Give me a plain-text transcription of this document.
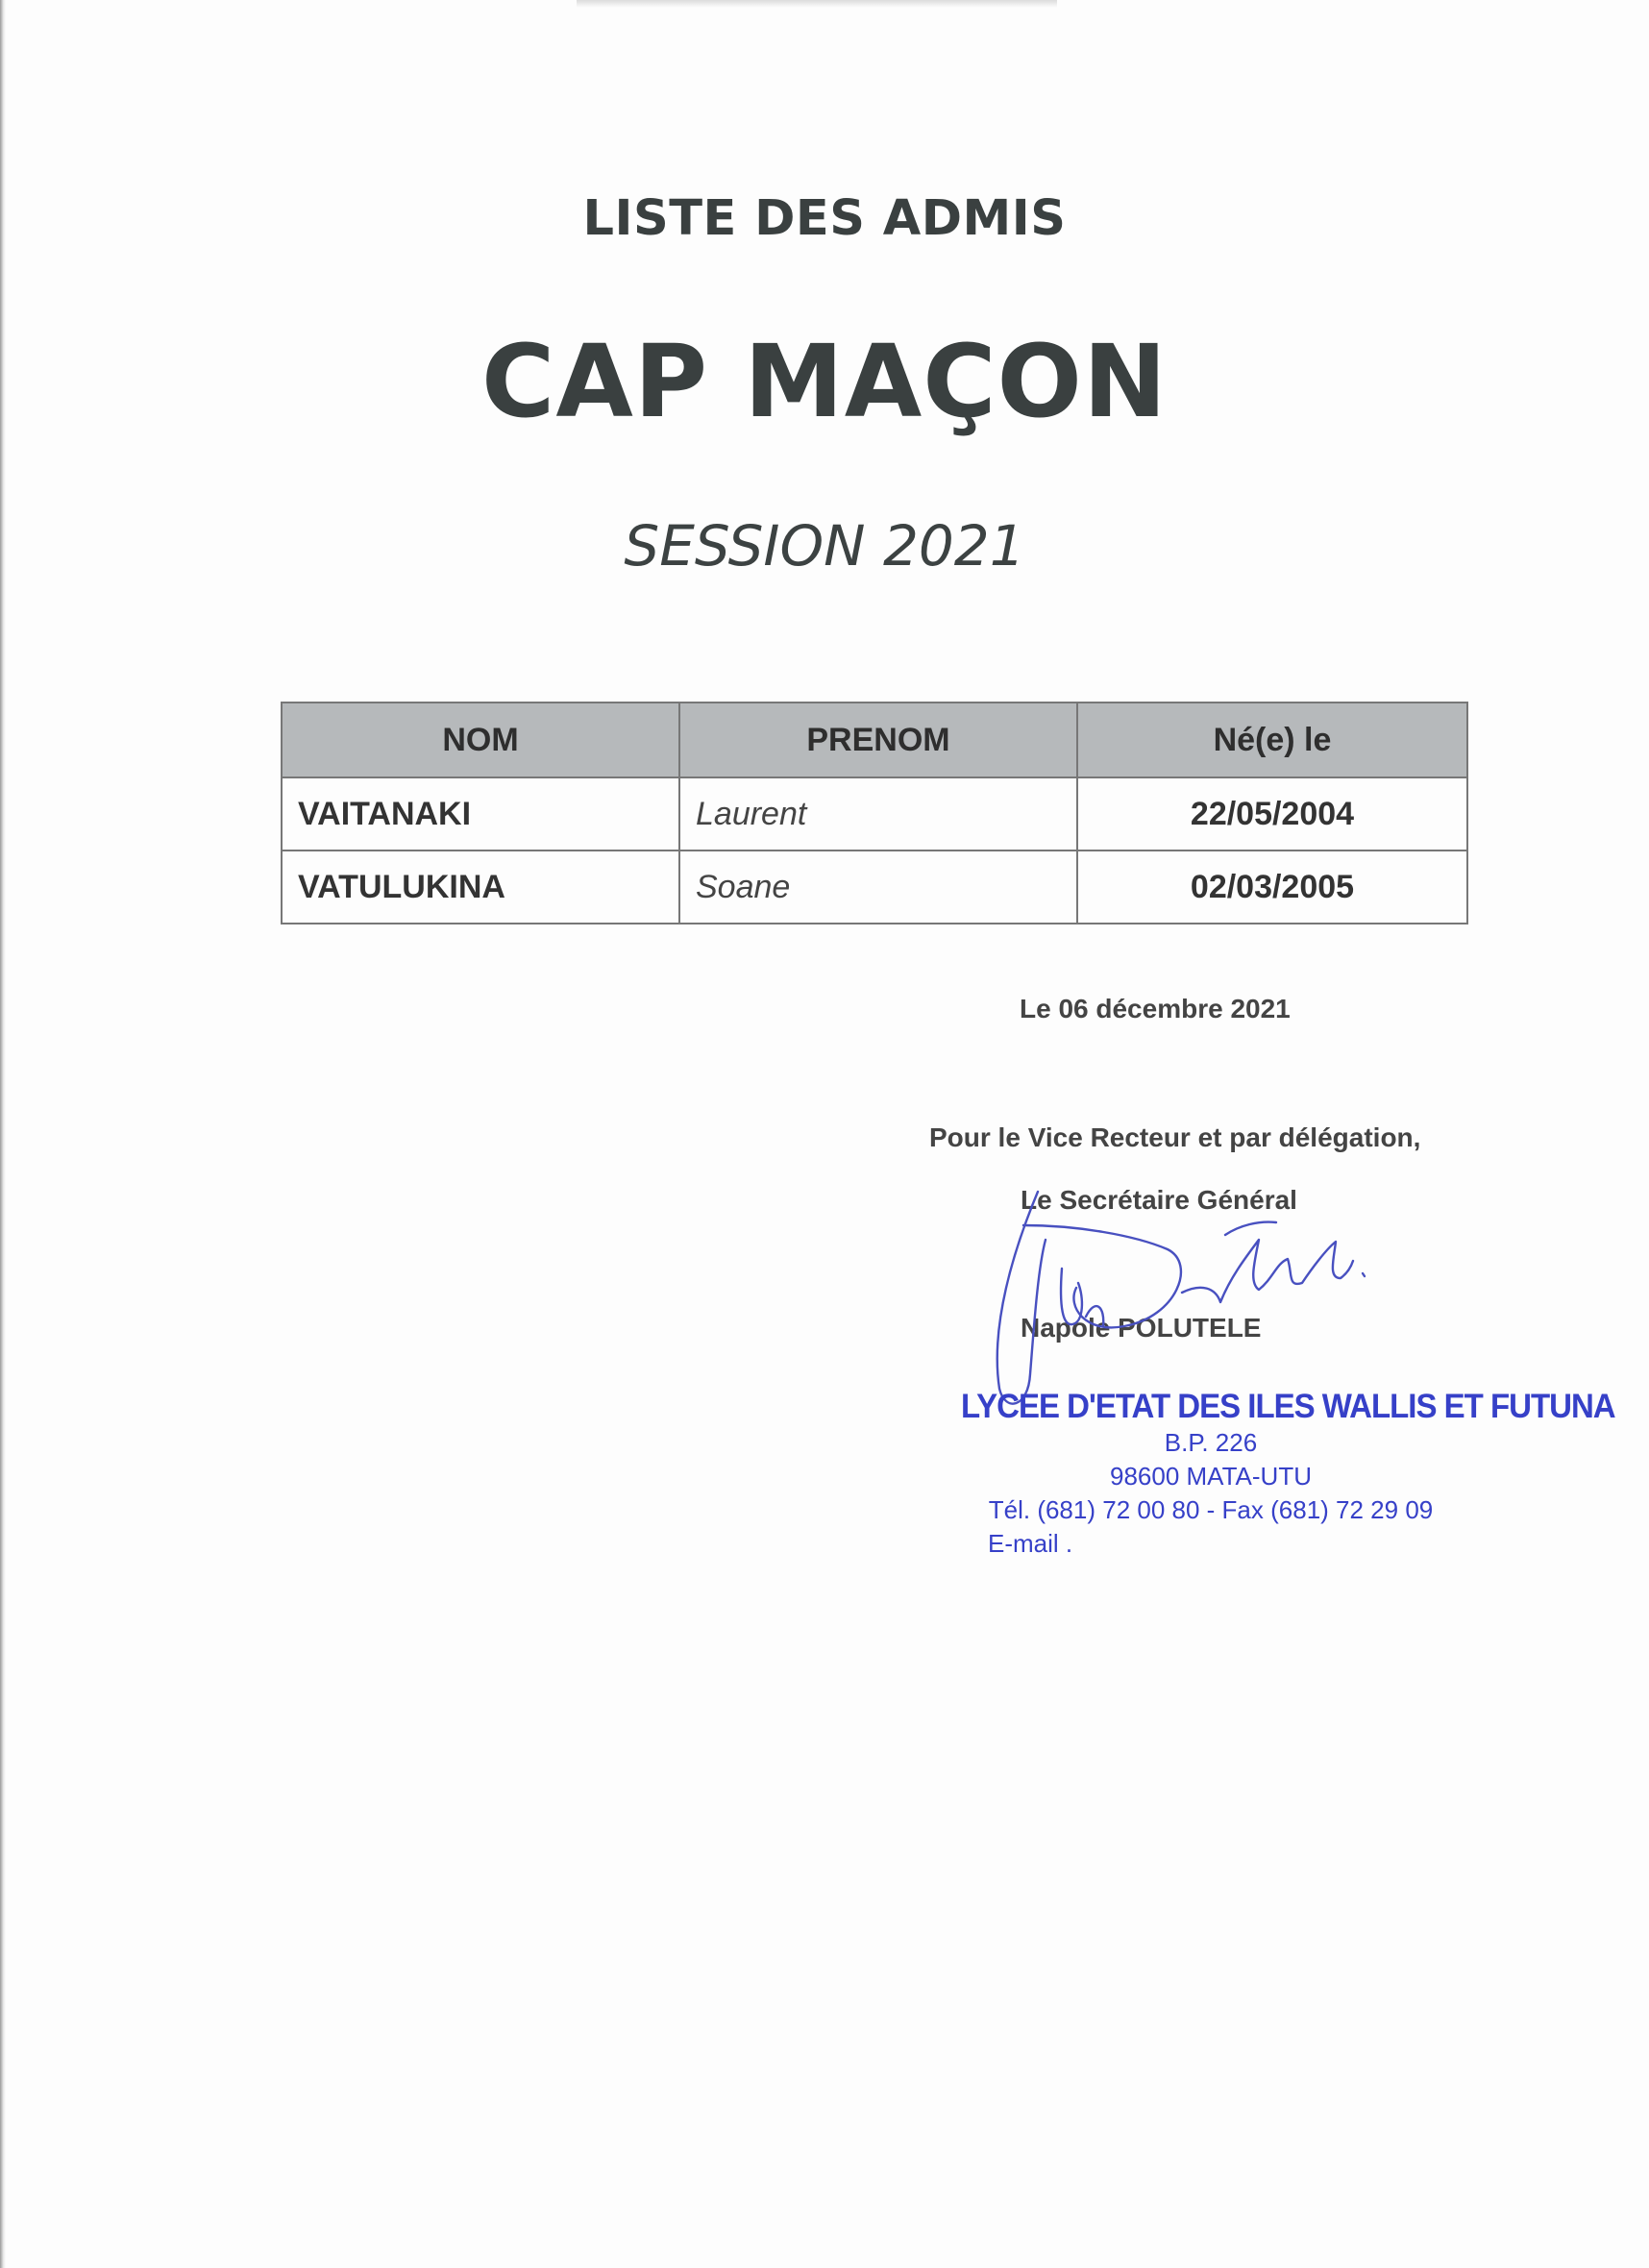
LISTE DES ADMIS
CAP MAÇON
SESSION 2021
NOM	PRENOM	Né(e) le
VAITANAKI	Laurent	22/05/2004
VATULUKINA	Soane	02/03/2005
Le 06 décembre 2021
Pour le Vice Recteur et par délégation,
Le Secrétaire Général
Napole POLUTELE
LYCEE D'ETAT DES ILES WALLIS ET FUTUNA
B.P. 226
98600 MATA-UTU
Tél. (681) 72 00 80 - Fax (681) 72 29 09
E-mail .
